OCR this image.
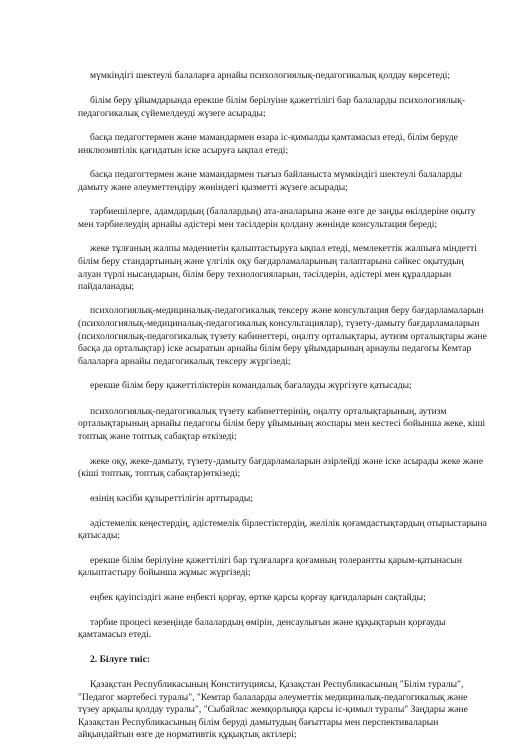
мүмкіндігі шектеулі балаларға арнайы психологиялық-педагогикалық қолдау көрсетеді;

білім беру ұйымдарында ерекше білім берілуіне қажеттілігі бар балаларды психологиялық-педагогикалық сүйемелдеуді жүзеге асырады;

басқа педагогтермен және мамандармен өзара іс-қимылды қамтамасыз етеді, білім беруде инклюзивтілік қағидатын іске асыруға ықпал етеді;

басқа педагогтермен және мамандармен тығыз байланыста мүмкіндігі шектеулі балаларды дамыту және әлеуметтендіру жөніндегі қызметті жүзеге асырады;

тәрбиешілерге, адамдардың (балалардың) ата-аналарына және өзге де заңды өкілдеріне оқыту мен тәрбиелеудің арнайы әдістері мен тәсілдерін қолдану жөнінде консультация береді;

жеке тұлғаның жалпы мәдениетін қалыптастыруға ықпал етеді, мемлекеттік жалпыға міндетті білім беру стандартының және үлгілік оқу бағдарламаларының талаптарына сәйкес оқытудың алуан түрлі нысандарын, білім беру технологияларын, тәсілдерін, әдістері мен құралдарын пайдаланады;

психологиялық-медициналық-педагогикалық тексеру және консультация беру бағдарламаларын (психологиялық-медициналық-педагогикалық консультациялар), түзету-дамыту бағдарламаларын (психологиялық-педагогикалық түзету кабинеттері, оңалту орталықтары, аутизм орталықтары және басқа да орталықтар) іске асыратын арнайы білім беру ұйымдарының арнаулы педагогы Кемтар балаларға арнайы педагогикалық тексеру жүргізеді;

ерекше білім беру қажеттіліктерін командалық бағалауды жүргізуге қатысады;

психологиялық-педагогикалық түзету кабинеттерінің, оңалту орталықтарының, аутизм орталықтарының арнайы педагогы білім беру ұйымының жоспары мен кестесі бойынша жеке, кіші топтық және топтық сабақтар өткізеді;

жеке оқу, жеке-дамыту, түзету-дамыту бағдарламаларын әзірлейді және іске асырады жеке және (кіші топтық, топтық сабақтар)өткізеді;

өзінің кәсіби құзыреттілігін арттырады;

әдістемелік кеңестердің, әдістемелік бірлестіктердің, желілік қоғамдастықтардың отырыстарына қатысады;

ерекше білім берілуіне қажеттілігі бар тұлғаларға қоғамның толерантты қарым-қатынасын қалыптастыру бойынша жұмыс жүргізеді;

еңбек қауіпсіздігі және еңбекті қорғау, өртке қарсы қорғау қағидаларын сақтайды;

тәрбие процесі кезеңінде балалардың өмірін, денсаулығын және құқықтарын қорғауды қамтамасыз етеді.

2. Білуге тиіс:

Қазақстан Республикасының Конституциясы, Қазақстан Республикасының "Білім туралы", "Педагог мәртебесі туралы", "Кемтар балаларды әлеуметтік медициналық-педагогикалық және түзеу арқылы қолдау туралы", "Сыбайлас жемқорлыққа қарсы іс-қимыл туралы" Заңдары және Қазақстан Республикасының білім беруді дамытудың бағыттары мен перспективаларын айқындайтын өзге де нормативтік құқықтық актілері;
